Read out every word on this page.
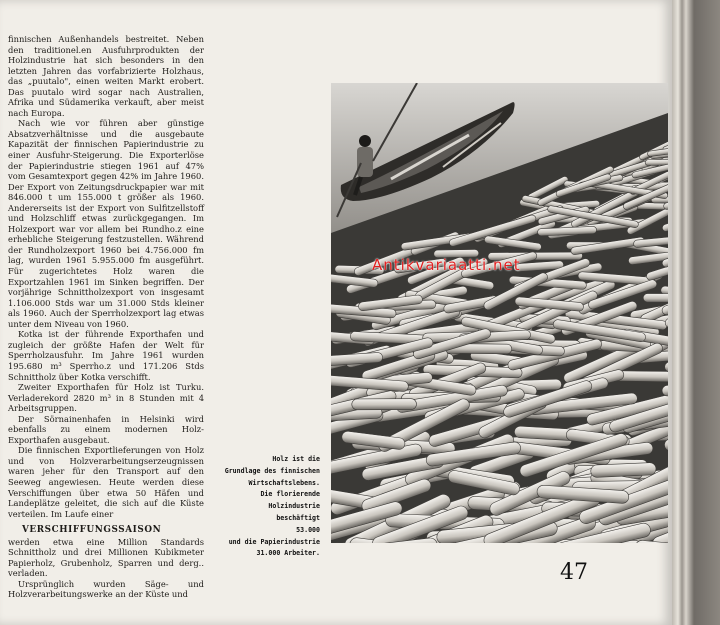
finnischen Außenhandels bestreitet. Neben den traditionel.en Ausfuhrprodukten der Holzindustrie hat sich besonders in den letzten Jahren das vorfabrizierte Holzhaus, das „puutalo", einen weiten Markt erobert. Das puutalo wird sogar nach Australien, Afrika und Südamerika verkauft, aber meist nach Europa.

Nach wie vor führen aber günstige Absatzverhältnisse und die ausgebaute Kapazität der finnischen Papierindustrie zu einer Ausfuhr-Steigerung. Die Exporterlöse der Papierindustrie stiegen 1961 auf 47% vom Gesamtexport gegen 42% im Jahre 1960. Der Export von Zeitungsdruckpapier war mit 846.000 t um 155.000 t größer als 1960. Andererseits ist der Export von Sulfitzellstoff und Holzschliff etwas zurückgegangen. Im Holzexport war vor allem bei Rundho.z eine erhebliche Steigerung festzustellen. Während der Rundholzexport 1960 bei 4.756.000 fm lag, wurden 1961 5.955.000 fm ausgeführt. Für zugerichtetes Holz waren die Exportzahlen 1961 im Sinken begriffen. Der vorjährige Schnittholzexport von insgesamt 1.106.000 Stds war um 31.000 Stds kleiner als 1960. Auch der Sperrholzexport lag etwas unter dem Niveau von 1960.

Kotka ist der führende Exporthafen und zugleich der größte Hafen der Welt für Sperrholzausfuhr. Im Jahre 1961 wurden 195.680 m³ Sperrho.z und 171.206 Stds Schnittholz über Kotka verschifft.

Zweiter Exporthafen für Holz ist Turku. Verladerekord 2820 m³ in 8 Stunden mit 4 Arbeitsgruppen.

Der Sörnainenhafen in Helsinki wird ebenfalls zu einem modernen Holz-Exporthafen ausgebaut.

Die finnischen Exportlieferungen von Holz und von Holzverarbeitungserzeugnissen waren jeher für den Transport auf den Seeweg angewiesen. Heute werden diese Verschiffungen über etwa 50 Häfen und Landeplätze geleitet, die sich auf die Küste verteilen. Im Laufe einer

VERSCHIFFUNGSSAISON

werden etwa eine Million Standards Schnittholz und drei Millionen Kubikmeter Papierholz, Grubenholz, Sparren und derg.. verladen.

Ursprünglich wurden Säge- und Holzverarbeitungswerke an der Küste und

Holz ist die
Grundlage des finnischen
Wirtschaftslebens.
Die florierende
Holzindustrie beschäftigt
53.000
und die Papierindustrie
31.000 Arbeiter.
Antikvariaatti.net
47
